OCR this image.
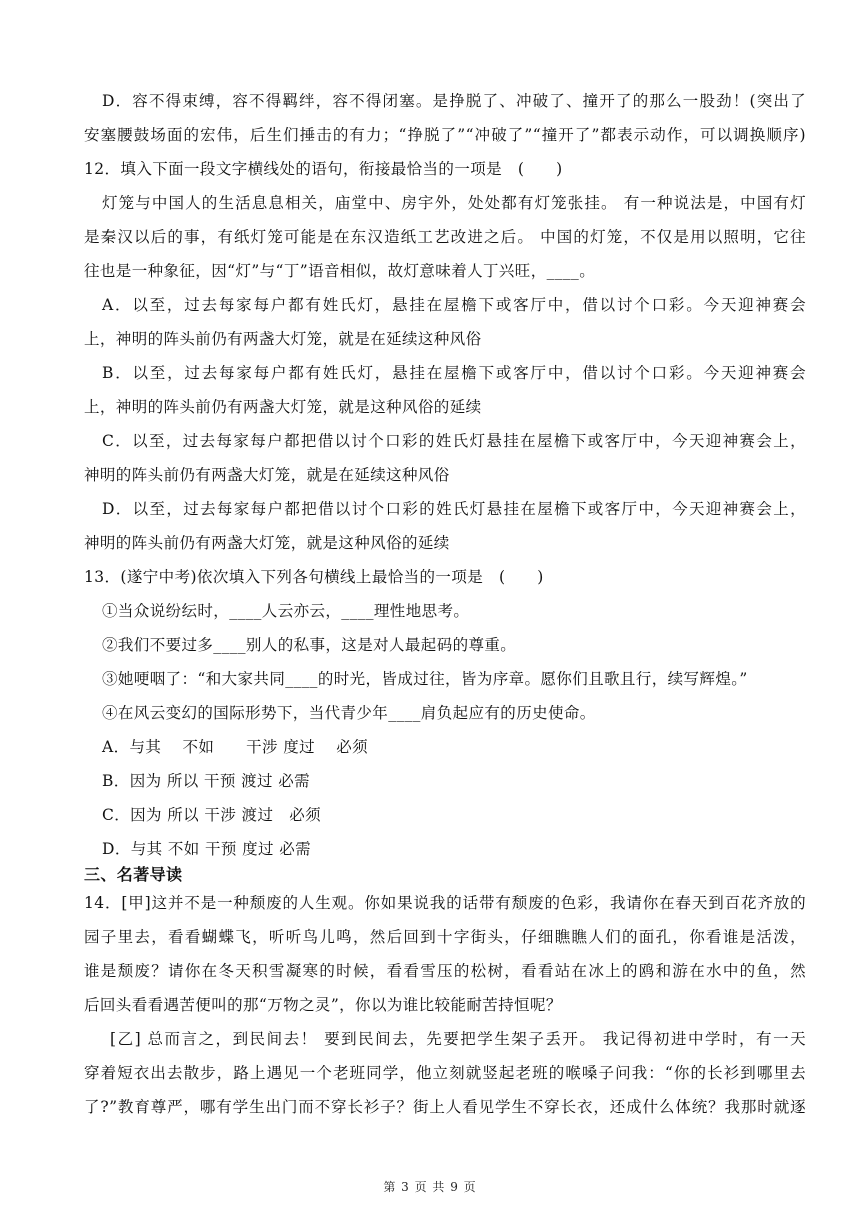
D．容不得束缚，容不得羁绊，容不得闭塞。是挣脱了、冲破了、撞开了的那么一股劲！(突出了
安塞腰鼓场面的宏伟，后生们捶击的有力；“挣脱了”“冲破了”“撞开了”都表示动作，可以调换顺序)
12．填入下面一段文字横线处的语句，衔接最恰当的一项是　(　　)
灯笼与中国人的生活息息相关，庙堂中、房宇外，处处都有灯笼张挂。 有一种说法是，中国有灯
是秦汉以后的事，有纸灯笼可能是在东汉造纸工艺改进之后。 中国的灯笼，不仅是用以照明，它往
往也是一种象征，因“灯”与“丁”语音相似，故灯意味着人丁兴旺，____。
A．以至，过去每家每户都有姓氏灯，悬挂在屋檐下或客厅中，借以讨个口彩。今天迎神赛会
上，神明的阵头前仍有两盏大灯笼，就是在延续这种风俗
B．以至，过去每家每户都有姓氏灯，悬挂在屋檐下或客厅中，借以讨个口彩。今天迎神赛会
上，神明的阵头前仍有两盏大灯笼，就是这种风俗的延续
C．以至，过去每家每户都把借以讨个口彩的姓氏灯悬挂在屋檐下或客厅中，今天迎神赛会上，
神明的阵头前仍有两盏大灯笼，就是在延续这种风俗
D．以至，过去每家每户都把借以讨个口彩的姓氏灯悬挂在屋檐下或客厅中，今天迎神赛会上，
神明的阵头前仍有两盏大灯笼，就是这种风俗的延续
13．(遂宁中考)依次填入下列各句横线上最恰当的一项是　(　　)
①当众说纷纭时，____人云亦云，____理性地思考。
②我们不要过多____别人的私事，这是对人最起码的尊重。
③她哽咽了：“和大家共同____的时光，皆成过往，皆为序章。愿你们且歌且行，续写辉煌。”
④在风云变幻的国际形势下，当代青少年____肩负起应有的历史使命。
A．与其　 不如　　干涉 度过　 必须
B．因为 所以 干预 渡过 必需
C．因为 所以 干涉 渡过　必须
D．与其 不如 干预 度过 必需
三、名著导读
14．[甲]这并不是一种颓废的人生观。你如果说我的话带有颓废的色彩，我请你在春天到百花齐放的
园子里去，看看蝴蝶飞，听听鸟儿鸣，然后回到十字街头，仔细瞧瞧人们的面孔，你看谁是活泼，
谁是颓废？请你在冬天积雪凝寒的时候，看看雪压的松树，看看站在冰上的鸥和游在水中的鱼，然
后回头看看遇苦便叫的那“万物之灵”，你以为谁比较能耐苦持恒呢？
[乙] 总而言之，到民间去！ 要到民间去，先要把学生架子丢开。 我记得初进中学时，有一天
穿着短衣出去散步，路上遇见一个老班同学，他立刻就竖起老班的喉嗓子问我：“你的长衫到哪里去
了?”教育尊严，哪有学生出门而不穿长衫子？街上人看见学生不穿长衣，还成什么体统？我那时就逐
第 3 页 共 9 页
